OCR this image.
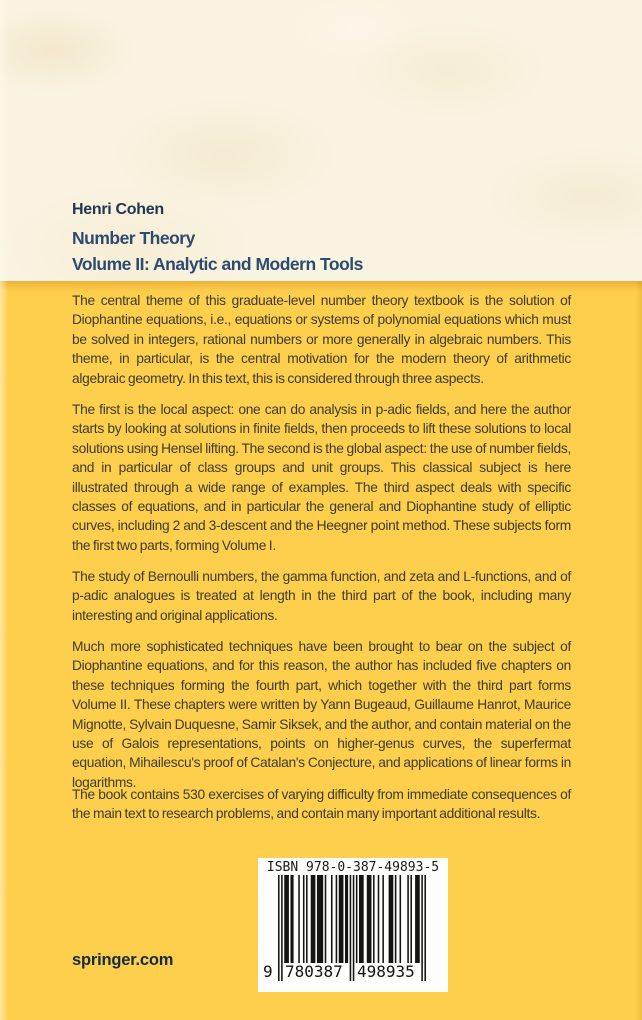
Henri Cohen
Number Theory
Volume II: Analytic and Modern Tools

The central theme of this graduate-level number theory textbook is the solution of Diophantine equations, i.e., equations or systems of polynomial equations which must be solved in integers, rational numbers or more generally in algebraic numbers. This theme, in particular, is the central motivation for the modern theory of arithmetic algebraic geometry. In this text, this is considered through three aspects.

The first is the local aspect: one can do analysis in p-adic fields, and here the author starts by looking at solutions in finite fields, then proceeds to lift these solutions to local solutions using Hensel lifting. The second is the global aspect: the use of number fields, and in particular of class groups and unit groups. This classical subject is here illustrated through a wide range of examples. The third aspect deals with specific classes of equations, and in particular the general and Diophantine study of elliptic curves, including 2 and 3-descent and the Heegner point method. These subjects form the first two parts, forming Volume I.

The study of Bernoulli numbers, the gamma function, and zeta and L-functions, and of p-adic analogues is treated at length in the third part of the book, including many interesting and original applications.

Much more sophisticated techniques have been brought to bear on the subject of Diophantine equations, and for this reason, the author has included five chapters on these techniques forming the fourth part, which together with the third part forms Volume II. These chapters were written by Yann Bugeaud, Guillaume Hanrot, Maurice Mignotte, Sylvain Duquesne, Samir Siksek, and the author, and contain material on the use of Galois representations, points on higher-genus curves, the superfermat equation, Mihailescu's proof of Catalan's Conjecture, and applications of linear forms in logarithms.

The book contains 530 exercises of varying difficulty from immediate consequences of the main text to research problems, and contain many important additional results.

springer.com
ISBN 978-0-387-49893-5
9 780387 498935
